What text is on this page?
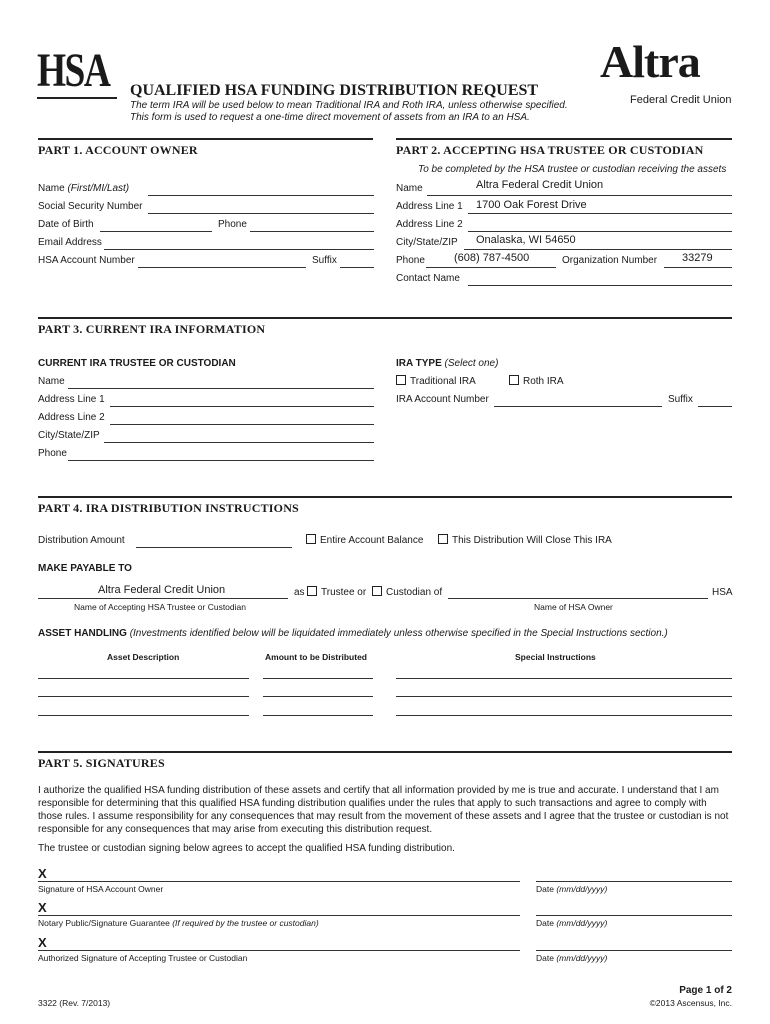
HSA QUALIFIED HSA FUNDING DISTRIBUTION REQUEST
The term IRA will be used below to mean Traditional IRA and Roth IRA, unless otherwise specified.
This form is used to request a one-time direct movement of assets from an IRA to an HSA.
Altra
Federal Credit Union
PART 1. ACCOUNT OWNER
Name (First/MI/Last)
Social Security Number
Date of Birth	Phone
Email Address
HSA Account Number	Suffix
PART 2. ACCEPTING HSA TRUSTEE OR CUSTODIAN
To be completed by the HSA trustee or custodian receiving the assets
Name	Altra Federal Credit Union
Address Line 1 1700 Oak Forest Drive
Address Line 2
City/State/ZIP Onalaska, WI 54650
Phone	(608) 787-4500	Organization Number 33279
Contact Name
PART 3. CURRENT IRA INFORMATION
CURRENT IRA TRUSTEE OR CUSTODIAN
Name
Address Line 1
Address Line 2
City/State/ZIP
Phone
IRA TYPE (Select one)
Traditional IRA	Roth IRA
IRA Account Number	Suffix
PART 4. IRA DISTRIBUTION INSTRUCTIONS
Distribution Amount	Entire Account Balance	This Distribution Will Close This IRA
MAKE PAYABLE TO
Altra Federal Credit Union	as	Trustee or	Custodian of	HSA
Name of Accepting HSA Trustee or Custodian	Name of HSA Owner
ASSET HANDLING (Investments identified below will be liquidated immediately unless otherwise specified in the Special Instructions section.)
Asset Description	Amount to be Distributed	Special Instructions
PART 5. SIGNATURES
I authorize the qualified HSA funding distribution of these assets and certify that all information provided by me is true and accurate. I understand that I am responsible for determining that this qualified HSA funding distribution qualifies under the rules that apply to such transactions and agree to comply with those rules. I assume responsibility for any consequences that may result from the movement of these assets and I agree that the trustee or custodian is not responsible for any consequences that may arise from executing this distribution request.
The trustee or custodian signing below agrees to accept the qualified HSA funding distribution.
X
Signature of HSA Account Owner	Date (mm/dd/yyyy)
X
Notary Public/Signature Guarantee (If required by the trustee or custodian)	Date (mm/dd/yyyy)
X
Authorized Signature of Accepting Trustee or Custodian	Date (mm/dd/yyyy)
Page 1 of 2
3322 (Rev. 7/2013)	©2013 Ascensus, Inc.
